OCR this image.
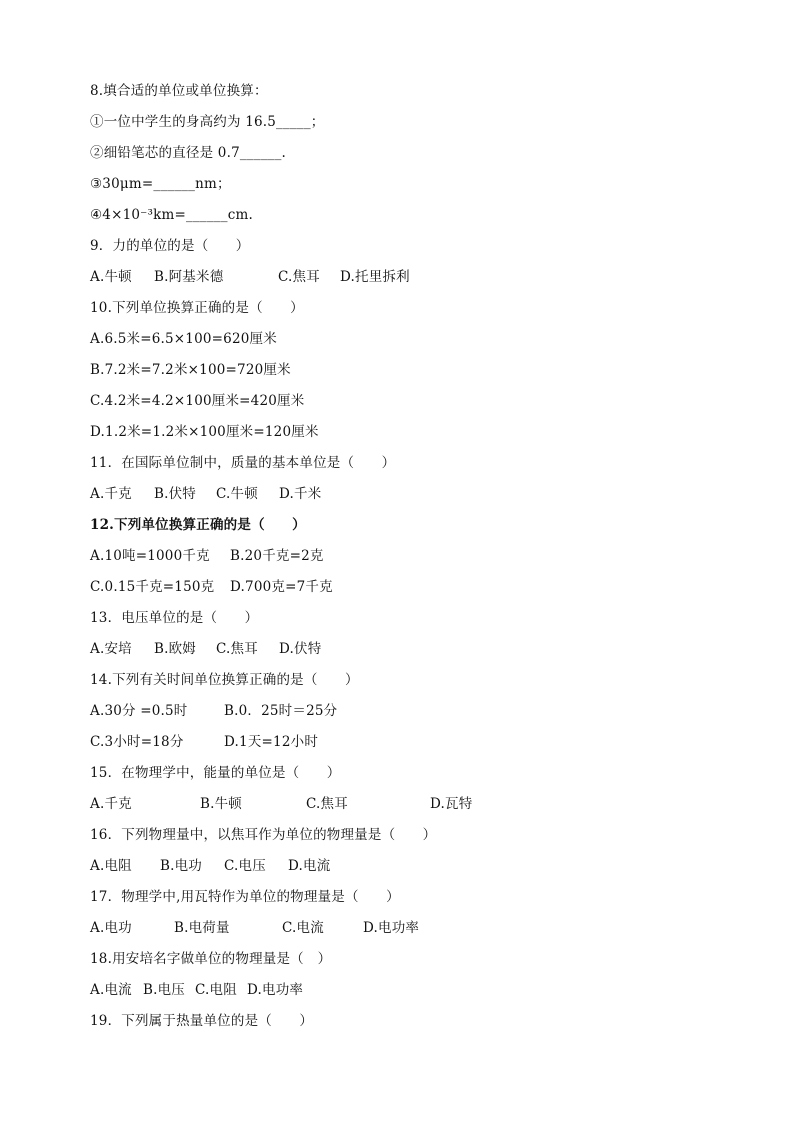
8.填合适的单位或单位换算：
①一位中学生的身高约为 16.5_____；
②细铅笔芯的直径是 0.7______.
③30μm=______nm；
④4×10⁻³km=______cm.
9．力的单位的是（　　）
A.牛顿 B.阿基米德	C.焦耳 D.托里拆利
10.下列单位换算正确的是（　　）
A.6.5米=6.5×100=620厘米
B.7.2米=7.2米×100=720厘米
C.4.2米=4.2×100厘米=420厘米
D.1.2米=1.2米×100厘米=120厘米
11．在国际单位制中，质量的基本单位是（　　）
A.千克 B.伏特 C.牛顿 D.千米
12.下列单位换算正确的是（　　）
A.10吨=1000千克 B.20千克=2克
C.0.15千克=150克 D.700克=7千克
13．电压单位的是（　　）
A.安培 B.欧姆 C.焦耳 D.伏特
14.下列有关时间单位换算正确的是（　　）
A.30分 =0.5时	B.0．25时＝25分
C.3小时=18分	D.1天=12小时
15．在物理学中，能量的单位是（　　）
A.千克	B.牛顿	C.焦耳	D.瓦特
16．下列物理量中，以焦耳作为单位的物理量是（　　）
A.电阻 B.电功 C.电压 D.电流
17．物理学中,用瓦特作为单位的物理量是（　　）
A.电功	B.电荷量	C.电流	D.电功率
18.用安培名字做单位的物理量是（　）
A.电流 B.电压 C.电阻 D.电功率
19．下列属于热量单位的是（　　）
